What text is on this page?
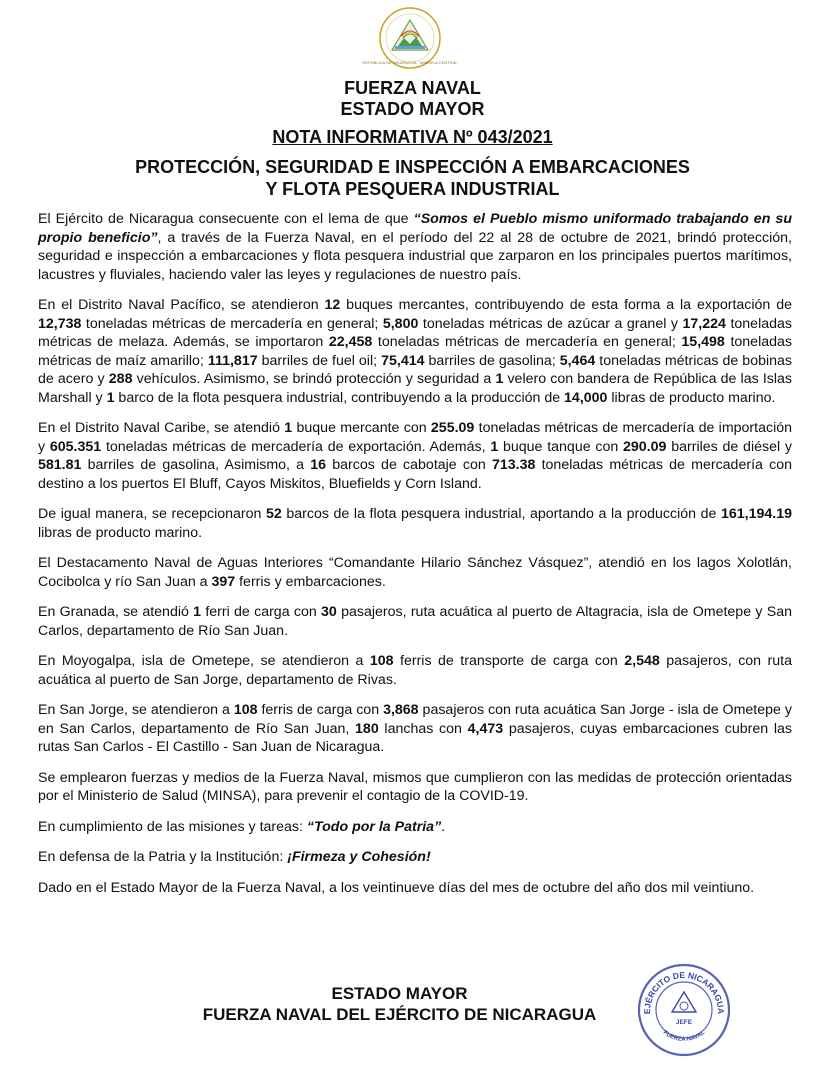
REPUBLICA DE NICARAGUA · AMERICA CENTRAL
FUERZA NAVAL
ESTADO MAYOR
NOTA INFORMATIVA Nº 043/2021
PROTECCIÓN, SEGURIDAD E INSPECCIÓN A EMBARCACIONES
Y FLOTA PESQUERA INDUSTRIAL

El Ejército de Nicaragua consecuente con el lema de que “Somos el Pueblo mismo uniformado trabajando en su propio beneficio”, a través de la Fuerza Naval, en el período del 22 al 28 de octubre de 2021, brindó protección, seguridad e inspección a embarcaciones y flota pesquera industrial que zarparon en los principales puertos marítimos, lacustres y fluviales, haciendo valer las leyes y regulaciones de nuestro país.

En el Distrito Naval Pacífico, se atendieron 12 buques mercantes, contribuyendo de esta forma a la exportación de 12,738 toneladas métricas de mercadería en general; 5,800 toneladas métricas de azúcar a granel y 17,224 toneladas métricas de melaza. Además, se importaron 22,458 toneladas métricas de mercadería en general; 15,498 toneladas métricas de maíz amarillo; 111,817 barriles de fuel oil; 75,414 barriles de gasolina; 5,464 toneladas métricas de bobinas de acero y 288 vehículos. Asimismo, se brindó protección y seguridad a 1 velero con bandera de República de las Islas Marshall y 1 barco de la flota pesquera industrial, contribuyendo a la producción de 14,000 libras de producto marino.

En el Distrito Naval Caribe, se atendió 1 buque mercante con 255.09 toneladas métricas de mercadería de importación y 605.351 toneladas métricas de mercadería de exportación. Además, 1 buque tanque con 290.09 barriles de diésel y 581.81 barriles de gasolina, Asimismo, a 16 barcos de cabotaje con 713.38 toneladas métricas de mercadería con destino a los puertos El Bluff, Cayos Miskitos, Bluefields y Corn Island.

De igual manera, se recepcionaron 52 barcos de la flota pesquera industrial, aportando a la producción de 161,194.19 libras de producto marino.

El Destacamento Naval de Aguas Interiores “Comandante Hilario Sánchez Vásquez”, atendió en los lagos Xolotlán, Cocibolca y río San Juan a 397 ferris y embarcaciones.

En Granada, se atendió 1 ferri de carga con 30 pasajeros, ruta acuática al puerto de Altagracia, isla de Ometepe y San Carlos, departamento de Río San Juan.

En Moyogalpa, isla de Ometepe, se atendieron a 108 ferris de transporte de carga con 2,548 pasajeros, con ruta acuática al puerto de San Jorge, departamento de Rivas.

En San Jorge, se atendieron a 108 ferris de carga con 3,868 pasajeros con ruta acuática San Jorge - isla de Ometepe y en San Carlos, departamento de Río San Juan, 180 lanchas con 4,473 pasajeros, cuyas embarcaciones cubren las rutas San Carlos - El Castillo - San Juan de Nicaragua.

Se emplearon fuerzas y medios de la Fuerza Naval, mismos que cumplieron con las medidas de protección orientadas por el Ministerio de Salud (MINSA), para prevenir el contagio de la COVID-19.

En cumplimiento de las misiones y tareas: “Todo por la Patria”.

En defensa de la Patria y la Institución: ¡Firmeza y Cohesión!

Dado en el Estado Mayor de la Fuerza Naval, a los veintinueve días del mes de octubre del año dos mil veintiuno.

ESTADO MAYOR
FUERZA NAVAL DEL EJÉRCITO DE NICARAGUA	EJÉRCITO DE NICARAGUA
JEFE
FUERZA NAVAL
